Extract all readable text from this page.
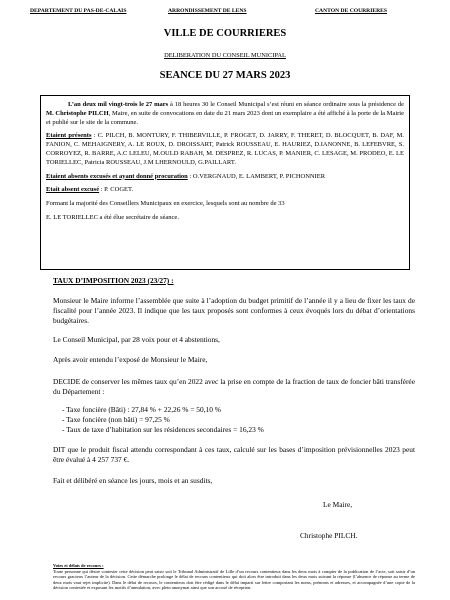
DEPARTEMENT DU PAS-DE-CALAIS	ARRONDISSEMENT DE LENS	CANTON DE COURRIERES
VILLE DE COURRIERES
DELIBERATION DU CONSEIL MUNICIPAL
SEANCE DU 27 MARS 2023

L’an deux mil vingt-trois le 27 mars à 18 heures 30 le Conseil Municipal s’est réuni en séance ordinaire sous la présidence de M. Christophe PILCH, Maire, en suite de convocations en date du 21 mars 2023 dont un exemplaire a été affiché à la porte de la Mairie et publié sur le site de la commune.

Etaient présents : C. PILCH, B. MONTURY, F. THIBERVILLE, P. FROGET, D. JARRY, F. THERET, D. BLOCQUET, B. DAF, M. FANION, C. MEHAIGNERY, A. LE ROUX, D. DROISSART, Patrick ROUSSEAU, E. HAURIEZ, D.IANONNE, B. LEFEBVRE, S. CORROYEZ, R. BARRE, A.C LELEU, M.OULD RABAH, M. DESPREZ, R. LUCAS, P. MANIER, C. LESAGE, M. PRODEO, E. LE TORIELLEC, Patricia ROUSSEAU, J.M LHERNOULD, G.PAILLART.

Etaient absents excusés et ayant donné procuration : O.VERGNAUD, E. LAMBERT, P. PICHONNIER

Etait absent excusé : P. COGET.

Formant la majorité des Conseillers Municipaux en exercice, lesquels sont au nombre de 33

E. LE TORIELLEC a été élue secrétaire de séance.

TAUX D’IMPOSITION 2023 (23/27) :

Monsieur le Maire informe l’assemblée que suite à l’adoption du budget primitif de l’année il y a lieu de fixer les taux de fiscalité pour l’année 2023. Il indique que les taux proposés sont conformes à ceux évoqués lors du débat d’orientations budgétaires.

Le Conseil Municipal, par 28 voix pour et 4 abstentions,

Après avoir entendu l’exposé de Monsieur le Maire,

DECIDE de conserver les mêmes taux qu’en 2022 avec la prise en compte de la fraction de taux de foncier bâti transférée du Département :

- Taxe foncière (Bâti) : 27,84 % + 22,26 % = 50,10 %
- Taxe foncière (non bâti) = 97,25 %
- Taux de taxe d’habitation sur les résidences secondaires = 16,23 %

DIT que le produit fiscal attendu correspondant à ces taux, calculé sur les bases d’imposition prévisionnelles 2023 peut être évalué à 4 257 737 €.

Fait et délibéré en séance les jours, mois et an susdits,

Le Maire,
Christophe PILCH.
Voies et délais de recours :
Toute personne qui désire contester cette décision peut saisir soit le Tribunal Administratif de Lille d’un recours contentieux dans les deux mois à compter de la publication de l’acte, soit saisir d’un recours gracieux l’auteur de la décision. Cette démarche prolonge le délai de recours contentieux qui doit alors être introduit dans les deux mois suivant la réponse (l’absence de réponse au terme de deux mois vaut rejet implicite). Dans le délai de recours, le contentieux doit être rédigé dans le délai imparti sur lettre comportant les noms, prénoms et adresses, et accompagnée d’une copie de la décision contestée et exposant les motifs d’annulation, avec plein anonymat ainsi que son accusé de réception.
